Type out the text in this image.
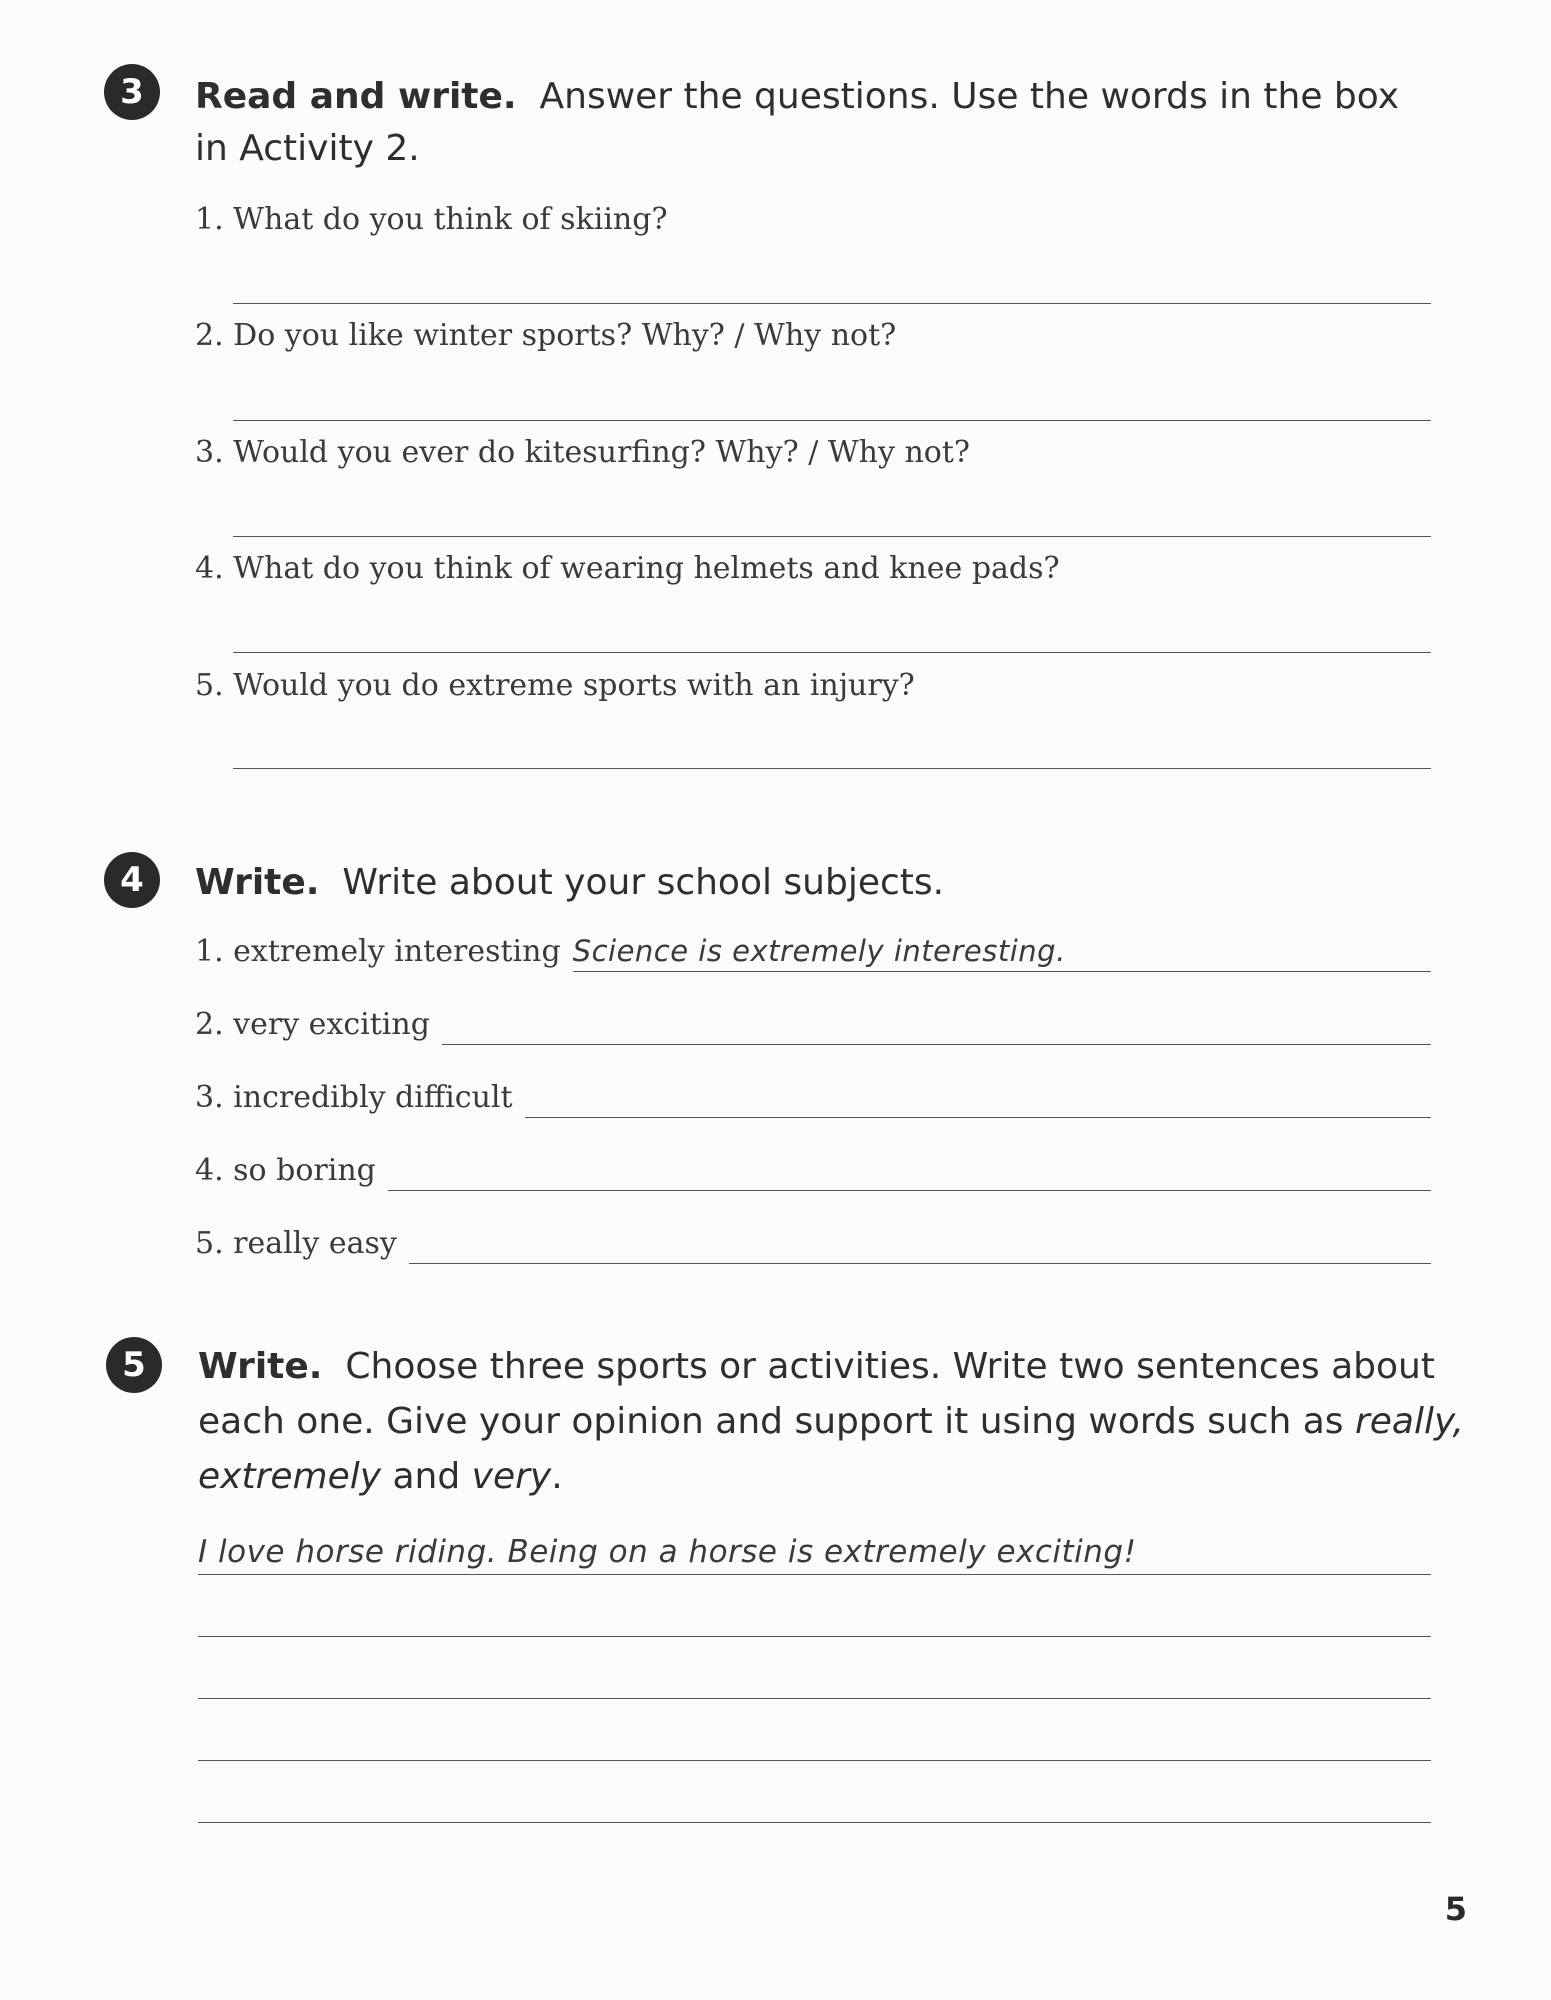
3	Read and write. Answer the questions. Use the words in the box
in Activity 2.
1. What do you think of skiing?
2. Do you like winter sports? Why? / Why not?
3. Would you ever do kitesurfing? Why? / Why not?
4. What do you think of wearing helmets and knee pads?
5. Would you do extreme sports with an injury?
4	Write. Write about your school subjects.
1. extremely interesting Science is extremely interesting.
2. very exciting
3. incredibly difficult
4. so boring
5. really easy
5	Write. Choose three sports or activities. Write two sentences about
each one. Give your opinion and support it using words such as really,
extremely and very.
I love horse riding. Being on a horse is extremely exciting!
5
